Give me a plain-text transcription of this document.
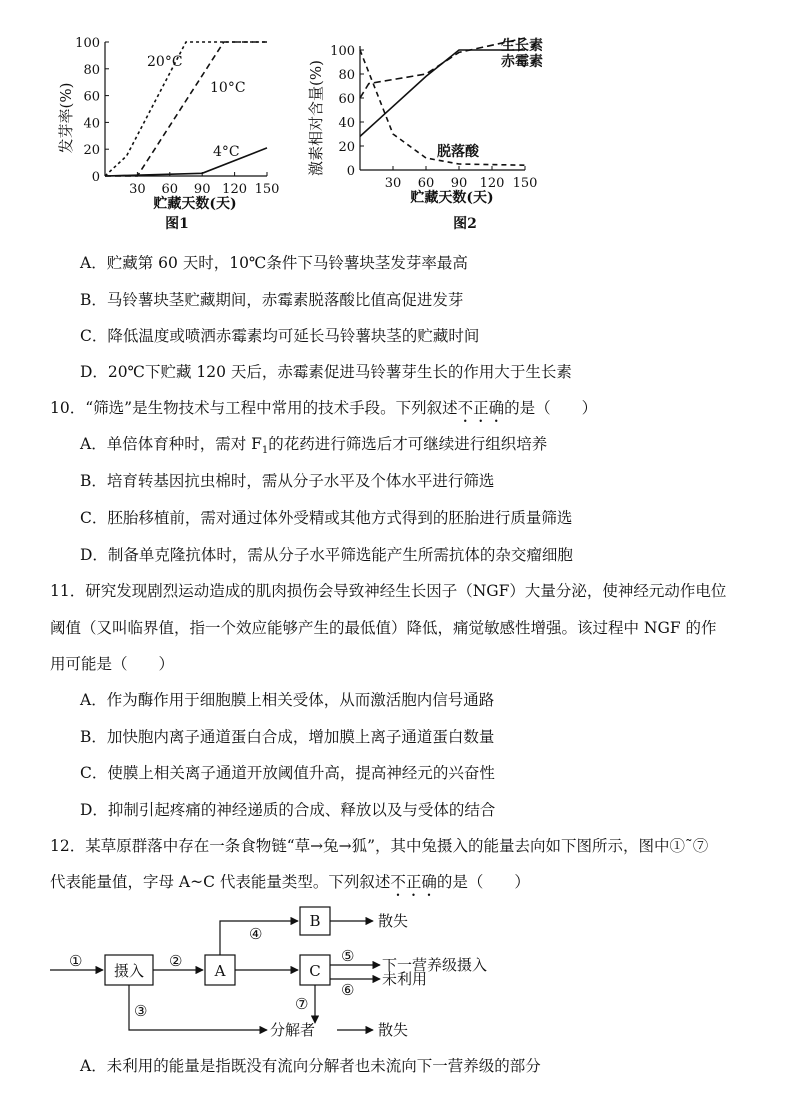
发芽率(%)
0
20
40
60
80
100
30 60 90 120 150
20°C
10°C
4°C
贮藏天数(天)
图1
激素相对含量(%) 0
20
40
60
80
100
30 60 90 120 150
生长素
赤霉素
脱落酸
贮藏天数(天)
图2
A．贮藏第 60 天时，10℃条件下马铃薯块茎发芽率最高
B．马铃薯块茎贮藏期间，赤霉素脱落酸比值高促进发芽
C．降低温度或喷洒赤霉素均可延长马铃薯块茎的贮藏时间
D．20℃下贮藏 120 天后，赤霉素促进马铃薯芽生长的作用大于生长素
10．“筛选”是生物技术与工程中常用的技术手段。下列叙述不正确的是（　　）
A．单倍体育种时，需对 $F_1$的花药进行筛选后才可继续进行组织培养
B．培育转基因抗虫棉时，需从分子水平及个体水平进行筛选
C．胚胎移植前，需对通过体外受精或其他方式得到的胚胎进行质量筛选
D．制备单克隆抗体时，需从分子水平筛选能产生所需抗体的杂交瘤细胞
11．研究发现剧烈运动造成的肌肉损伤会导致神经生长因子（NGF）大量分泌，使神经元动作电位
阈值（又叫临界值，指一个效应能够产生的最低值）降低，痛觉敏感性增强。该过程中 NGF 的作
用可能是（　　）
A．作为酶作用于细胞膜上相关受体，从而激活胞内信号通路
B．加快胞内离子通道蛋白合成，增加膜上离子通道蛋白数量
C．使膜上相关离子通道开放阈值升高，提高神经元的兴奋性
D．抑制引起疼痛的神经递质的合成、释放以及与受体的结合
12．某草原群落中存在一条食物链“草→兔→狐”，其中兔摄入的能量去向如下图所示，图中①˜⑦
代表能量值，字母 A~C 代表能量类型。下列叙述不正确的是（　　）
摄入	A
B
C
①	②
③
④
⑤
⑥
⑦
散失
下一营养级摄入
未利用
分解者	散失
A．未利用的能量是指既没有流向分解者也未流向下一营养级的部分
